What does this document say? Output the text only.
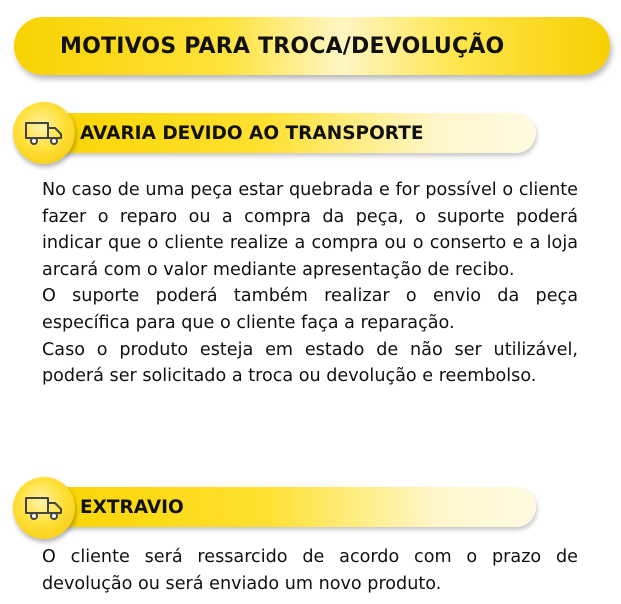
MOTIVOS PARA TROCA/DEVOLUÇÃO
AVARIA DEVIDO AO TRANSPORTE

No caso de uma peça estar quebrada e for possível o cliente fazer o reparo ou a compra da peça, o suporte poderá indicar que o cliente realize a compra ou o conserto e a loja arcará com o valor mediante apresentação de recibo.

O suporte poderá também realizar o envio da peça específica para que o cliente faça a reparação.

Caso o produto esteja em estado de não ser utilizável, poderá ser solicitado a troca ou devolução e reembolso.

EXTRAVIO

O cliente será ressarcido de acordo com o prazo de devolução ou será enviado um novo produto.
